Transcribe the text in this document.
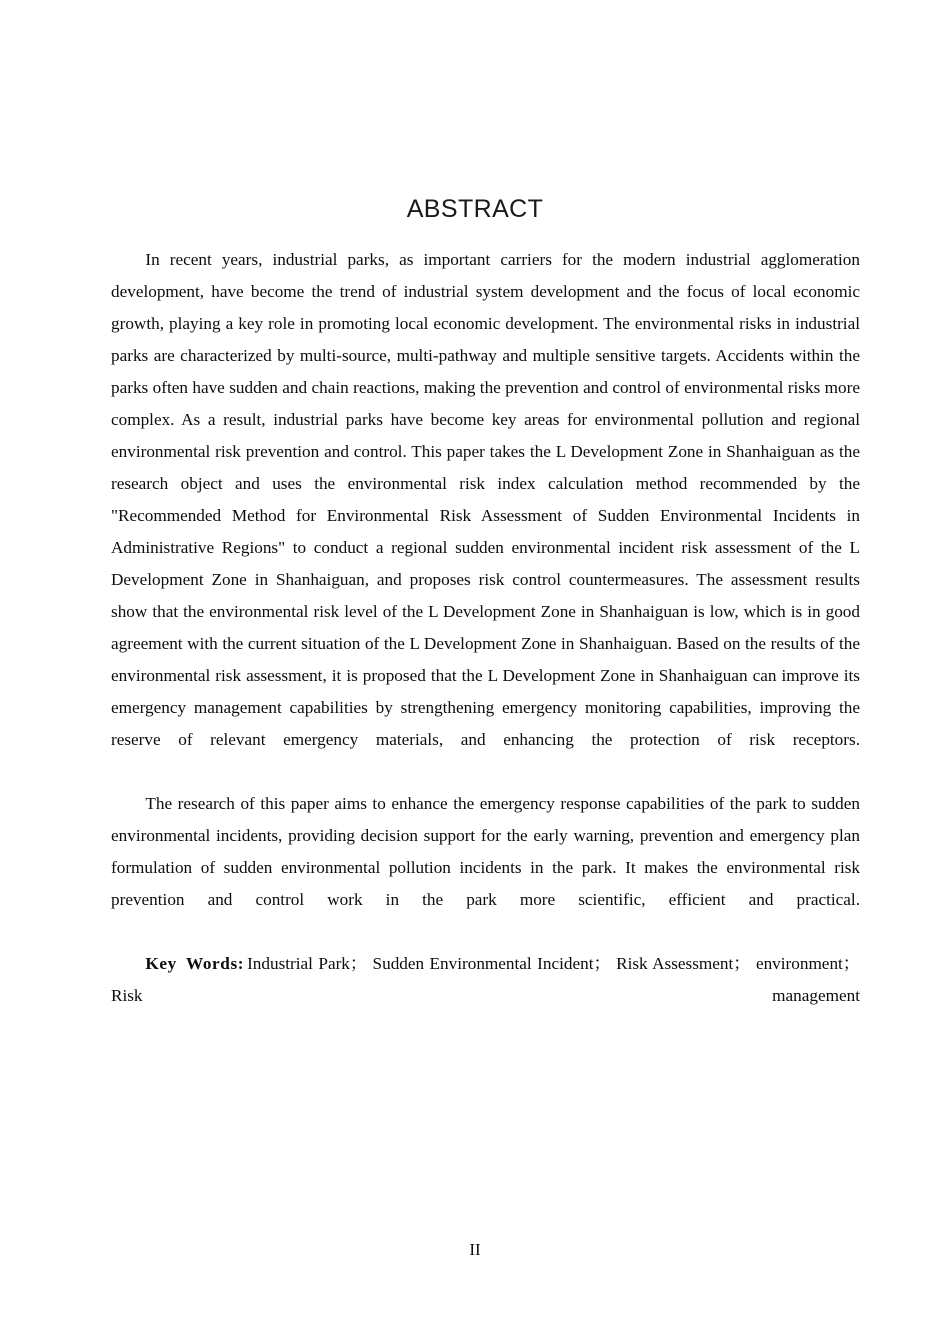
ABSTRACT

In recent years, industrial parks, as important carriers for the modern industrial agglomeration development, have become the trend of industrial system development and the focus of local economic growth, playing a key role in promoting local economic development. The environmental risks in industrial parks are characterized by multi-source, multi-pathway and multiple sensitive targets. Accidents within the parks often have sudden and chain reactions, making the prevention and control of environmental risks more complex. As a result, industrial parks have become key areas for environmental pollution and regional environmental risk prevention and control. This paper takes the L Development Zone in Shanhaiguan as the research object and uses the environmental risk index calculation method recommended by the "Recommended Method for Environmental Risk Assessment of Sudden Environmental Incidents in Administrative Regions" to conduct a regional sudden environmental incident risk assessment of the L Development Zone in Shanhaiguan, and proposes risk control countermeasures. The assessment results show that the environmental risk level of the L Development Zone in Shanhaiguan is low, which is in good agreement with the current situation of the L Development Zone in Shanhaiguan. Based on the results of the environmental risk assessment, it is proposed that the L Development Zone in Shanhaiguan can improve its emergency management capabilities by strengthening emergency monitoring capabilities, improving the reserve of relevant emergency materials, and enhancing the protection of risk receptors.

The research of this paper aims to enhance the emergency response capabilities of the park to sudden environmental incidents, providing decision support for the early warning, prevention and emergency plan formulation of sudden environmental pollution incidents in the park. It makes the environmental risk prevention and control work in the park more scientific, efficient and practical.

Key Words: Industrial Park； Sudden Environmental Incident； Risk Assessment； environment；Risk management

II
